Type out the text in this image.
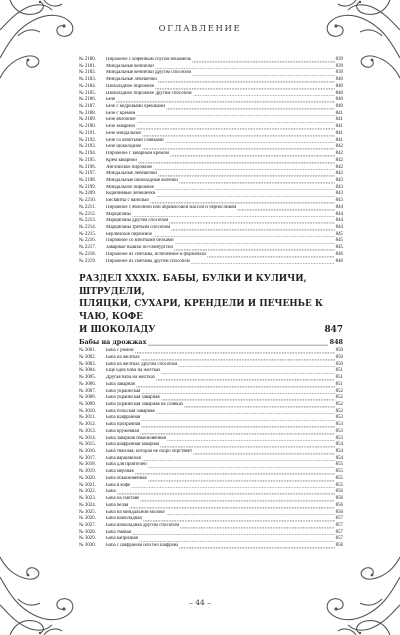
ОГЛАВЛЕНИЕ
№ 2180.	Пирожное с кофейным соусом бешамель	839
№ 2181.	Миндальные вечнички	839
№ 2182.	Миндальные вечнички другим способом	839
№ 2183.	Миндальные лепешечки	840
№ 2184.	Шоколадное пирожное	840
№ 2185.	Шоколадное пирожное другим способом	840
№ 2186.	Безе	840
№ 2187.	Безе с кедровыми орешками	840
№ 2188.	Безе с кремом	841
№ 2189.	Безе яблочное	841
№ 2190.	Безе заварной	841
№ 2191.	Безе миндальное	841
№ 2192.	Безе со взбитыми сливками	841
№ 2193.	Безе шоколадное	842
№ 2194.	Пирожное с заварным кремом	842
№ 2195.	Крем заварной	842
№ 2196.	Английское пирожное	842
№ 2197.	Миндальные лепешечки	842
№ 2198.	Миндальные шоколадные колечки	843
№ 2199.	Миндальное пирожное	843
№ 2209.	Коричневые лепешечки	843
№ 2210.	Бисквиты с ванилью	843
№ 2211.	Пирожное с яблочной или абрикосовой массой и черносливом	844
№ 2212.	Марципаны	844
№ 2213.	Марципаны другим способом	844
№ 2214.	Марципаны третьим способом	844
№ 2215.	Берлинское пирожное	845
№ 2216.	Пирожное со взбитыми белками	845
№ 2217.	Заварные пышки по-гамбургски	845
№ 2218.	Пирожное из сметаны, испеченное в формочках	846
№ 2219.	Пирожное из сметаны другим способом	846
РАЗДЕЛ XXXIX. БАБЫ, БУЛКИ И КУЛИЧИ, ШТРУДЕЛИ,
ПЛЯЦКИ, СУХАРИ, КРЕНДЕЛИ И ПЕЧЕНЬЕ К ЧАЮ, КОФЕ
И ШОКОЛАДУ	847
Бабы на дрожжах	848
№ 3001.	Баба с ромом	850
№ 3002.	Баба на желтках	850
№ 3003.	Баба на желтках другим способом	850
№ 3004.	Еще одна баба на желтках	851
№ 3005.	Другая баба на желтках	851
№ 3006.	Баба заварная	851
№ 3007.	Баба украинская	852
№ 3008.	Баба украинская заварная	852
№ 3009.	Баба украинская заварная на сливках	852
№ 3010.	Баба польская заварная	852
№ 3011.	Баба шафранная	853
№ 3012.	Баба прозрачная	853
№ 3013.	Баба кружевная	853
№ 3014.	Баба заварная обыкновенная	853
№ 3015.	Баба шафранная заварная	854
№ 3016.	Баба тяжелая, которая не скоро черствеет	854
№ 3017.	Баба варшавская	854
№ 3018.	Баба для приятелей	855
№ 3019.	Баба мерзная	855
№ 3020.	Баба обыкновенная	855
№ 3021.	Баба в кофе	855
№ 3022.	Баба	856
№ 3023.	Баба на сметане	856
№ 3024.	Баба белая	856
№ 3025.	Баба на миндальном молоке	856
№ 3026.	Баба шоколадная	857
№ 3027.	Баба шоколадная другим способом	857
№ 3028.	Баба тмевая	857
№ 3029.	Баба капризная	857
№ 3030.	Баба с шафраном или без шафрана	858
– 44 –
